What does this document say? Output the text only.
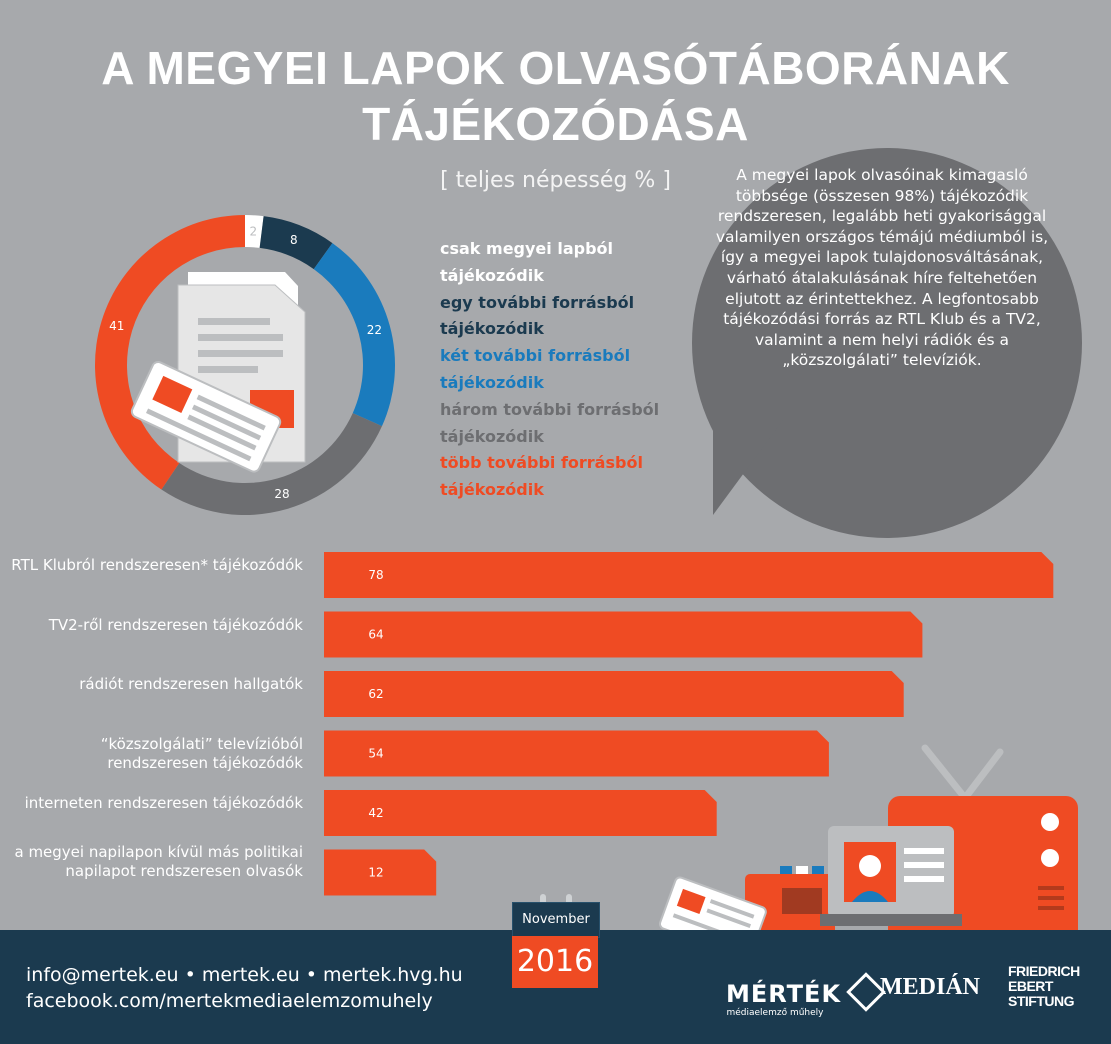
A MEGYEI LAPOK OLVASÓTÁBORÁNAK
TÁJÉKOZÓDÁSA
[ teljes népesség % ]
2
8
22
28
41
csak megyei lapból tájékozódik
egy további forrásból tájékozódik
két további forrásból tájékozódik
három további forrásból tájékozódik
több további forrásból tájékozódik
A megyei lapok olvasóinak kimagasló többsége (összesen 98%) tájékozódik rendszeresen, legalább heti gyakorisággal valamilyen országos témájú médiumból is, így a megyei lapok tulajdonosváltásának, várható átalakulásának híre feltehetően eljutott az érintettekhez. A legfontosabb tájékozódási forrás az RTL Klub és a TV2, valamint a nem helyi rádiók és a „közszolgálati” televíziók.
RTL Klubról rendszeresen* tájékozódók
TV2-ről rendszeresen tájékozódók
rádiót rendszeresen hallgatók
“közszolgálati” televízióból rendszeresen tájékozódók
interneten rendszeresen tájékozódók
a megyei napilapon kívül más politikai napilapot rendszeresen olvasók
78
64
62
54
42
12
info@mertek.eu • mertek.eu • mertek.hvg.hu
facebook.com/mertekmediaelemzomuhely
November
2016
MÉRTÉK
médiaelemző műhely
MEDIÁN
FRIEDRICH
EBERT
STIFTUNG
